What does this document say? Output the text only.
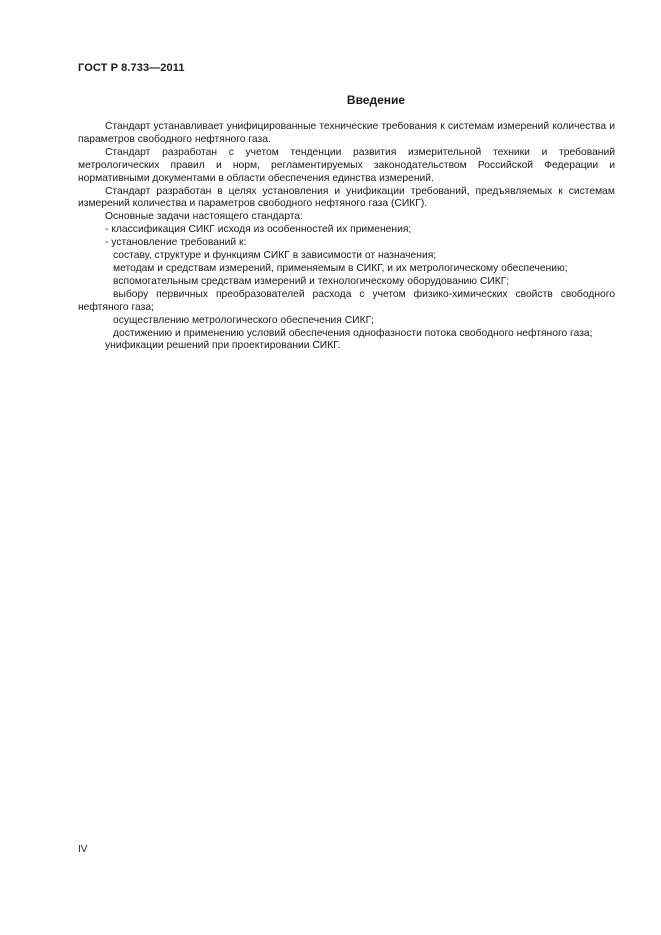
ГОСТ Р 8.733—2011
Введение

Стандарт устанавливает унифицированные технические требования к системам измерений количества и параметров свободного нефтяного газа.

Стандарт разработан с учетом тенденции развития измерительной техники и требований метрологических правил и норм, регламентируемых законодательством Российской Федерации и нормативными документами в области обеспечения единства измерений.

Стандарт разработан в целях установления и унификации требований, предъявляемых к системам измерений количества и параметров свободного нефтяного газа (СИКГ).

Основные задачи настоящего стандарта:

- классификация СИКГ исходя из особенностей их применения;

- установление требований к:

составу, структуре и функциям СИКГ в зависимости от назначения;

методам и средствам измерений, применяемым в СИКГ, и их метрологическому обеспечению;

вспомогательным средствам измерений и технологическому оборудованию СИКГ;

выбору первичных преобразователей расхода с учетом физико-химических свойств свободного нефтяного газа;

осуществлению метрологического обеспечения СИКГ;

достижению и применению условий обеспечения однофазности потока свободного нефтяного газа;

унификации решений при проектировании СИКГ.

IV
